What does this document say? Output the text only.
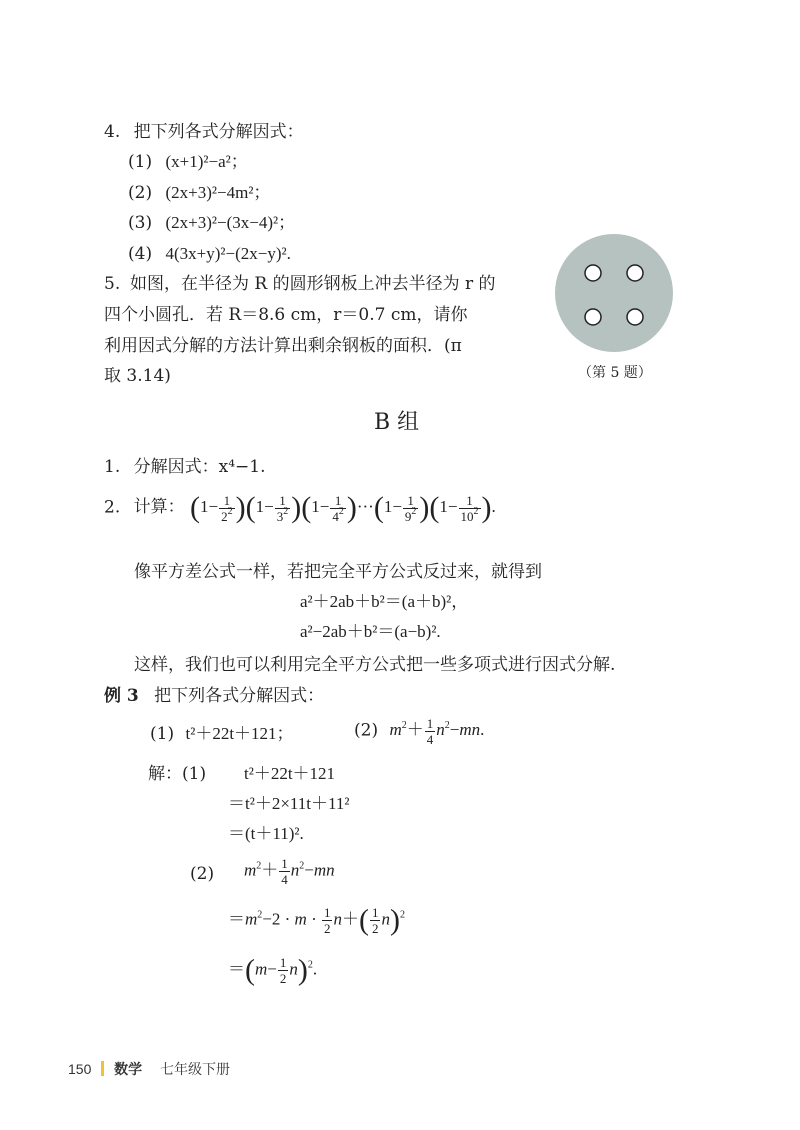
4. 把下列各式分解因式：
(1) (x+1)²−a²；
(2) (2x+3)²−4m²；
(3) (2x+3)²−(3x−4)²；
(4) 4(3x+y)²−(2x−y)².
5. 如图，在半径为 R 的圆形钢板上冲去半径为 r 的
四个小圆孔．若 R＝8.6 cm，r＝0.7 cm，请你
利用因式分解的方法计算出剩余钢板的面积．(π
取 3.14)	（第 5 题）
B 组
1. 分解因式：x⁴−1.
2. 计算： $(1- \frac{1}{2^2} )(1- \frac{1}{3^2} )(1- \frac{1}{4^2} )\cdot\cdot\cdot(1- \frac{1}{9^2} )(1- \frac{1}{10^2}$ ).
像平方差公式一样，若把完全平方公式反过来，就得到
a²＋2ab＋b²＝(a＋b)²，
a²−2ab＋b²＝(a−b)².
这样，我们也可以利用完全平方公式把一些多项式进行因式分解.
例 3 把下列各式分解因式：
(1) t²＋22t＋121；	(2) $m^2+ \frac{1}{4} n^2-mn$.
解：(1) t²＋22t＋121
＝t²＋2×11t＋11²
＝(t＋11)².
(2) $m^2+ \frac{1}{4} n^2-mn$
$=m^2-2 \cdot m \cdot \frac{1}{2} n+( \frac{1}{2} n)^2$
$=(m- \frac{1}{2} n)^2$.
150 数学 七年级下册
